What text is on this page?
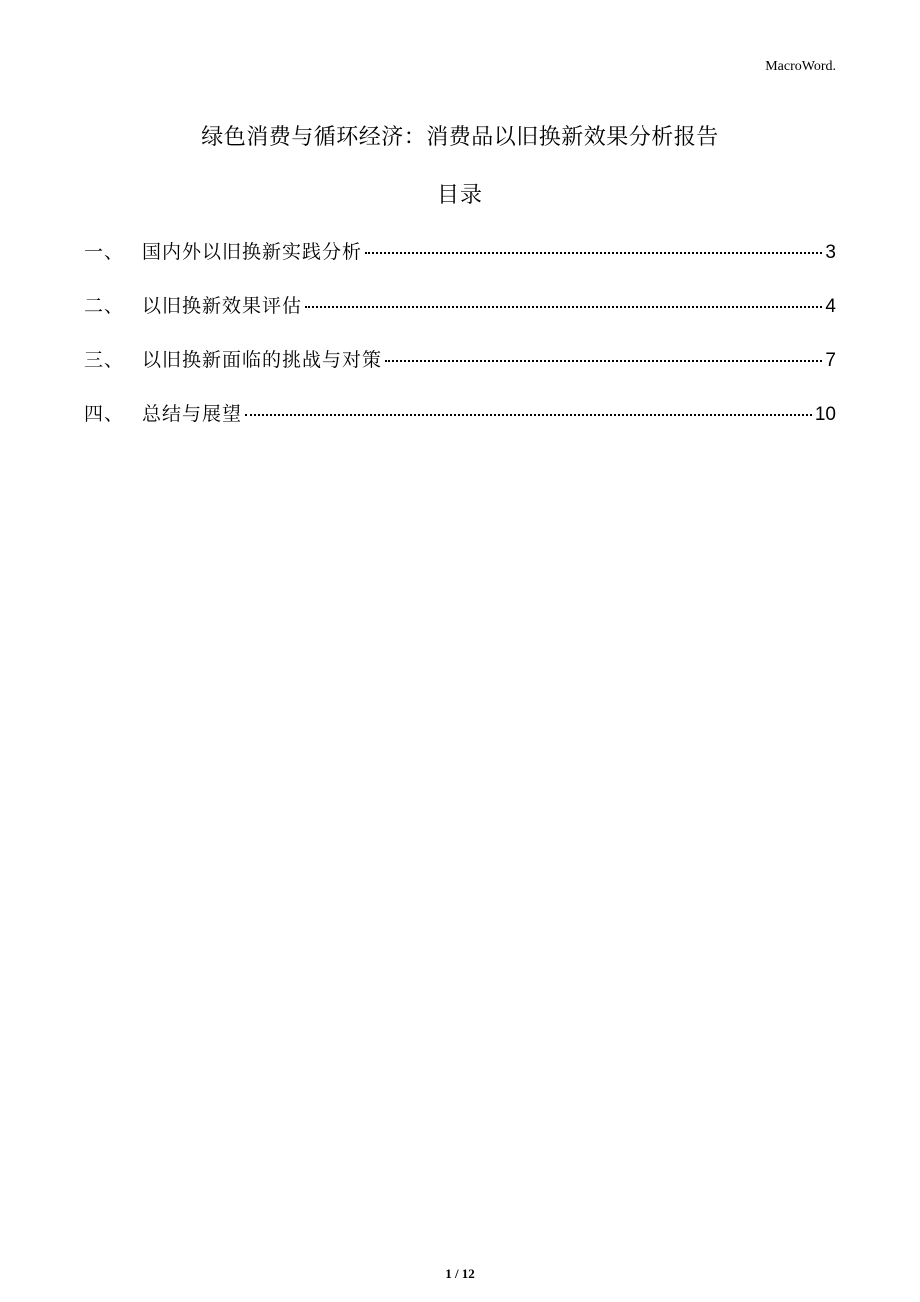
MacroWord.
绿色消费与循环经济：消费品以旧换新效果分析报告
目录
一、 国内外以旧换新实践分析	3
二、 以旧换新效果评估	4
三、 以旧换新面临的挑战与对策	7
四、 总结与展望	10
1 / 12
